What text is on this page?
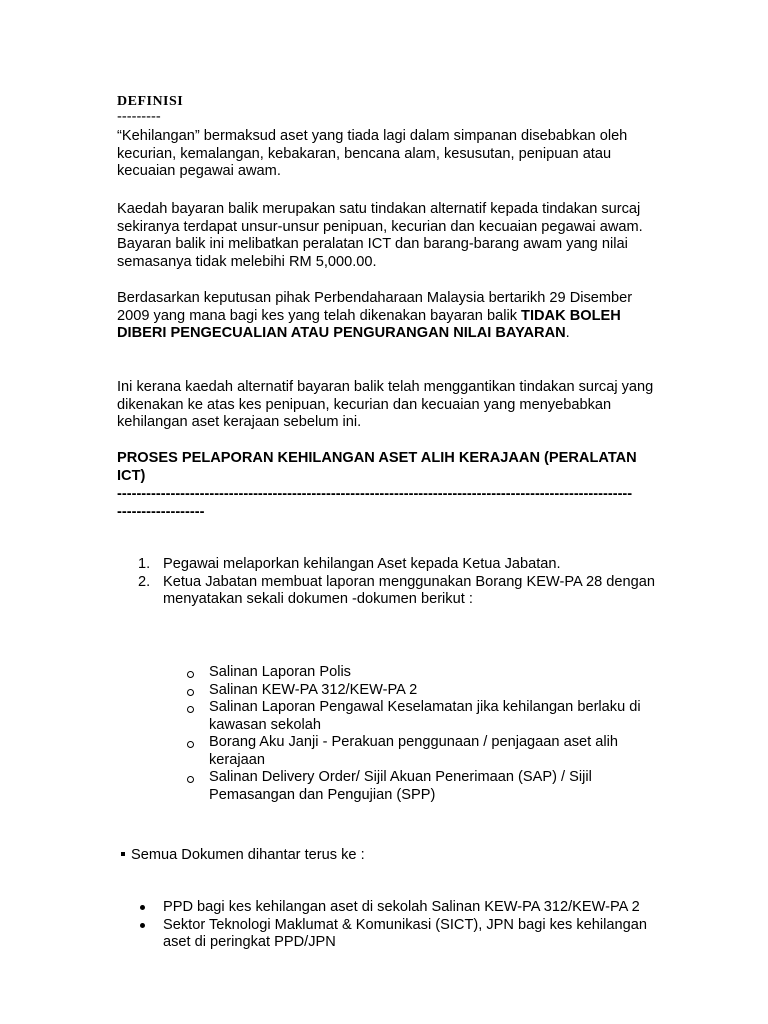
DEFINISI
---------
“Kehilangan” bermaksud aset yang tiada lagi dalam simpanan disebabkan oleh kecurian, kemalangan, kebakaran, bencana alam, kesusutan, penipuan atau kecuaian pegawai awam.
Kaedah bayaran balik merupakan satu tindakan alternatif kepada tindakan surcaj sekiranya terdapat unsur-unsur penipuan, kecurian dan kecuaian pegawai awam. Bayaran balik ini melibatkan peralatan ICT dan barang-barang awam yang nilai semasanya tidak melebihi RM 5,000.00.
Berdasarkan keputusan pihak Perbendaharaan Malaysia bertarikh 29 Disember 2009 yang mana bagi kes yang telah dikenakan bayaran balik TIDAK BOLEH DIBERI PENGECUALIAN ATAU PENGURANGAN NILAI BAYARAN.
Ini kerana kaedah alternatif bayaran balik telah menggantikan tindakan surcaj yang dikenakan ke atas kes penipuan, kecurian dan kecuaian yang menyebabkan kehilangan aset kerajaan sebelum ini.
PROSES PELAPORAN KEHILANGAN ASET ALIH KERAJAAN (PERALATAN ICT)
----------------------------------------------------------------------------------------------------------
------------------
1. Pegawai melaporkan kehilangan Aset kepada Ketua Jabatan.
2. Ketua Jabatan membuat laporan menggunakan Borang KEW-PA 28 dengan menyatakan sekali dokumen -dokumen berikut :
Salinan Laporan Polis
Salinan KEW-PA 312/KEW-PA 2
Salinan Laporan Pengawal Keselamatan jika kehilangan berlaku di kawasan sekolah
Borang Aku Janji - Perakuan penggunaan / penjagaan aset alih kerajaan
Salinan Delivery Order/ Sijil Akuan Penerimaan (SAP) / Sijil Pemasangan dan Pengujian (SPP)
Semua Dokumen dihantar terus ke :
PPD bagi kes kehilangan aset di sekolah Salinan KEW-PA 312/KEW-PA 2
Sektor Teknologi Maklumat & Komunikasi (SICT), JPN bagi kes kehilangan aset di peringkat PPD/JPN
